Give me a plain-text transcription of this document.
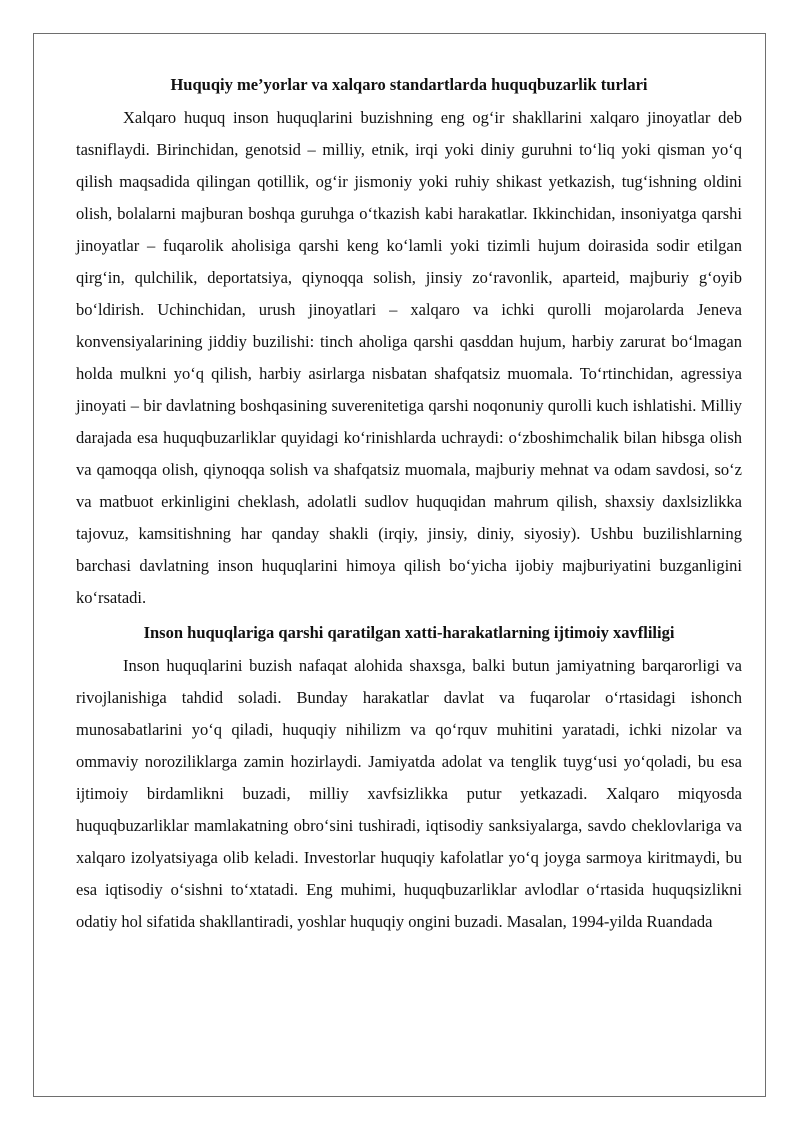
Huquqiy me’yorlar va xalqaro standartlarda huquqbuzarlik turlari

Xalqaro huquq inson huquqlarini buzishning eng og‘ir shakllarini xalqaro jinoyatlar deb tasniflaydi. Birinchidan, genotsid – milliy, etnik, irqi yoki diniy guruhni to‘liq yoki qisman yo‘q qilish maqsadida qilingan qotillik, og‘ir jismoniy yoki ruhiy shikast yetkazish, tug‘ishning oldini olish, bolalarni majburan boshqa guruhga o‘tkazish kabi harakatlar. Ikkinchidan, insoniyatga qarshi jinoyatlar – fuqarolik aholisiga qarshi keng ko‘lamli yoki tizimli hujum doirasida sodir etilgan qirg‘in, qulchilik, deportatsiya, qiynoqqa solish, jinsiy zo‘ravonlik, aparteid, majburiy g‘oyib bo‘ldirish. Uchinchidan, urush jinoyatlari – xalqaro va ichki qurolli mojarolarda Jeneva konvensiyalarining jiddiy buzilishi: tinch aholiga qarshi qasddan hujum, harbiy zarurat bo‘lmagan holda mulkni yo‘q qilish, harbiy asirlarga nisbatan shafqatsiz muomala. To‘rtinchidan, agressiya jinoyati – bir davlatning boshqasining suverenitetiga qarshi noqonuniy qurolli kuch ishlatishi. Milliy darajada esa huquqbuzarliklar quyidagi ko‘rinishlarda uchraydi: o‘zboshimchalik bilan hibsga olish va qamoqqa olish, qiynoqqa solish va shafqatsiz muomala, majburiy mehnat va odam savdosi, so‘z va matbuot erkinligini cheklash, adolatli sudlov huquqidan mahrum qilish, shaxsiy daxlsizlikka tajovuz, kamsitishning har qanday shakli (irqiy, jinsiy, diniy, siyosiy). Ushbu buzilishlarning barchasi davlatning inson huquqlarini himoya qilish bo‘yicha ijobiy majburiyatini buzganligini ko‘rsatadi.

Inson huquqlariga qarshi qaratilgan xatti-harakatlarning ijtimoiy xavfliligi

Inson huquqlarini buzish nafaqat alohida shaxsga, balki butun jamiyatning barqarorligi va rivojlanishiga tahdid soladi. Bunday harakatlar davlat va fuqarolar o‘rtasidagi ishonch munosabatlarini yo‘q qiladi, huquqiy nihilizm va qo‘rquv muhitini yaratadi, ichki nizolar va ommaviy noroziliklarga zamin hozirlaydi. Jamiyatda adolat va tenglik tuyg‘usi yo‘qoladi, bu esa ijtimoiy birdamlikni buzadi, milliy xavfsizlikka putur yetkazadi. Xalqaro miqyosda huquqbuzarliklar mamlakatning obro‘sini tushiradi, iqtisodiy sanksiyalarga, savdo cheklovlariga va xalqaro izolyatsiyaga olib keladi. Investorlar huquqiy kafolatlar yo‘q joyga sarmoya kiritmaydi, bu esa iqtisodiy o‘sishni to‘xtatadi. Eng muhimi, huquqbuzarliklar avlodlar o‘rtasida huquqsizlikni odatiy hol sifatida shakllantiradi, yoshlar huquqiy ongini buzadi. Masalan, 1994-yilda Ruandada
